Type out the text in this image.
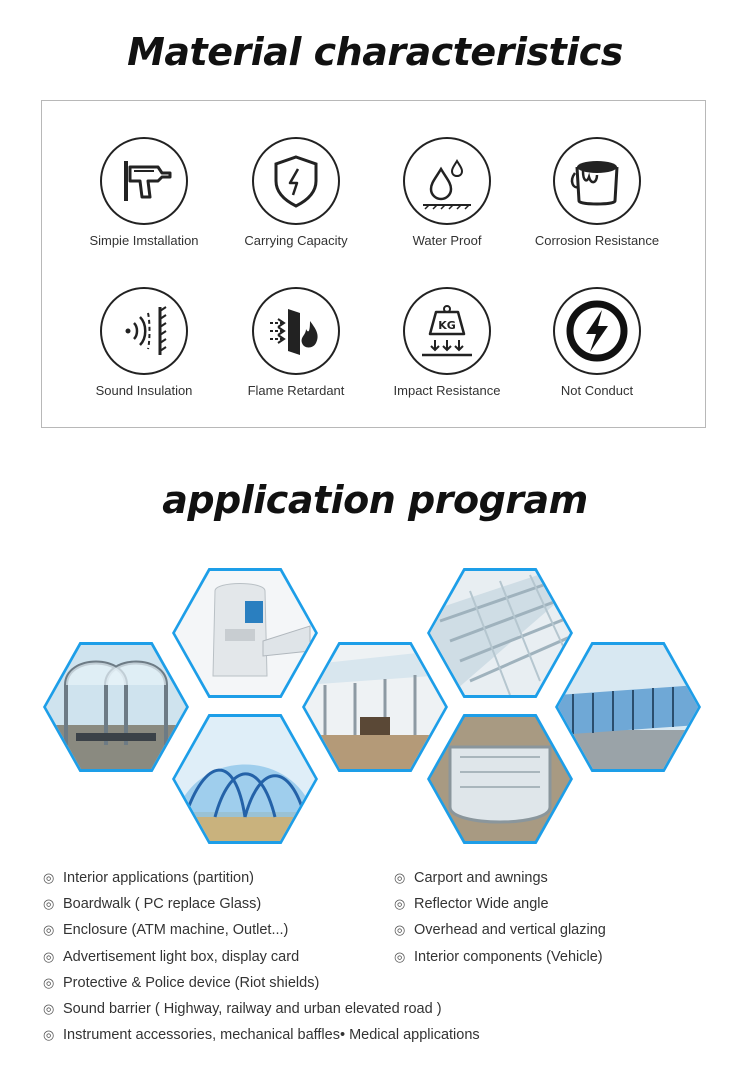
Material characteristics
Simpie Imstallation	Carrying Capacity	Water Proof	Corrosion Resistance
Sound Insulation	Flame Retardant
KG
Impact Resistance	Not Conduct
application program
◎ Interior applications (partition)
◎ Boardwalk ( PC replace Glass)
◎ Enclosure (ATM machine, Outlet...)
◎ Advertisement light box, display card
◎ Protective & Police device (Riot shields)
◎ Sound barrier ( Highway, railway and urban elevated road )
◎ Instrument accessories, mechanical baffles• Medical applications
◎ Carport and awnings
◎ Reflector Wide angle
◎ Overhead and vertical glazing
◎ Interior components (Vehicle)
